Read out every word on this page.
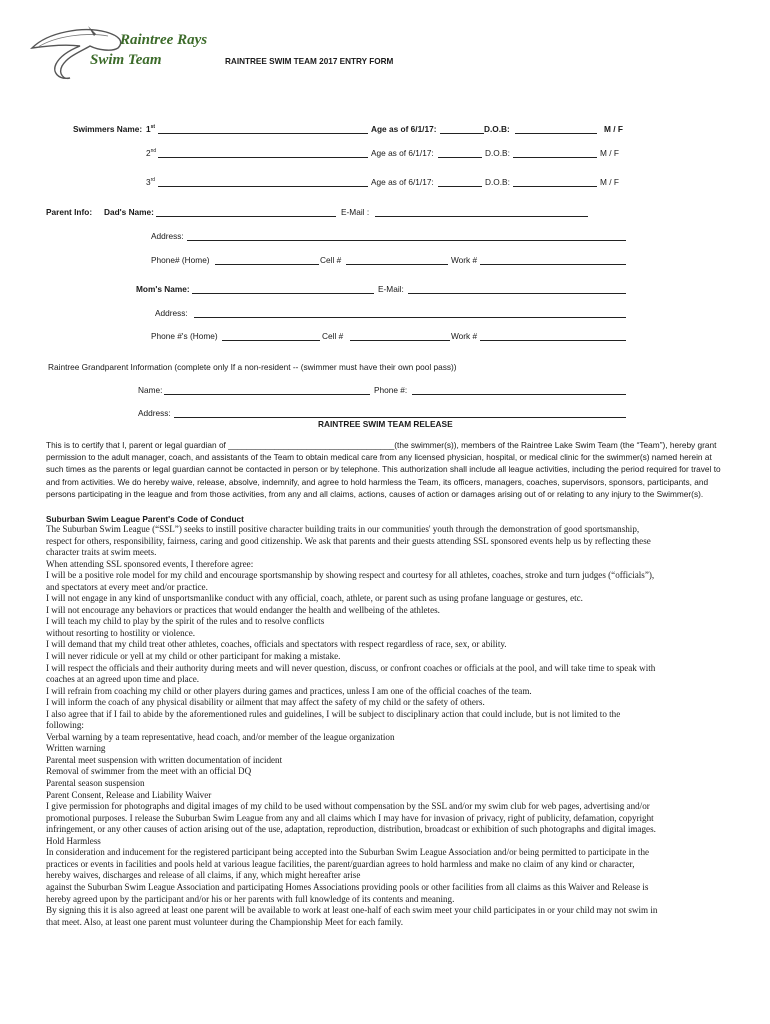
Raintree Rays
Swim Team	RAINTREE SWIM TEAM 2017 ENTRY FORM
Swimmers Name: 1st	Age as of 6/1/17:	D.O.B:	M / F
2nd	Age as of 6/1/17:	D.O.B:	M / F
3rd	Age as of 6/1/17:	D.O.B:	M / F
Parent Info: Dad's Name:	E-Mail :
Address:
Phone# (Home)	Cell #	Work #
Mom's Name:	E-Mail:
Address:
Phone #'s (Home)	Cell #	Work #
Raintree Grandparent Information (complete only If a non-resident -- (swimmer must have their own pool pass))
Name:	Phone #:
Address:
RAINTREE SWIM TEAM RELEASE
This is to certify that I, parent or legal guardian of ____________________________________(the swimmer(s)), members of the Raintree Lake Swim Team (the “Team”), hereby grant
permission to the adult manager, coach, and assistants of the Team to obtain medical care from any licensed physician, hospital, or medical clinic for the swimmer(s) named herein at
such times as the parents or legal guardian cannot be contacted in person or by telephone. This authorization shall include all league activities, including the period required for travel to
and from activities. We do hereby waive, release, absolve, indemnify, and agree to hold harmless the Team, its officers, managers, coaches, supervisors, sponsors, participants, and
persons participating in the league and from those activities, from any and all claims, actions, causes of action or damages arising out of or relating to any injury to the Swimmer(s).
Suburban Swim League Parent's Code of Conduct
The Suburban Swim League (“SSL”) seeks to instill positive character building traits in our communities' youth through the demonstration of good sportsmanship,
respect for others, responsibility, fairness, caring and good citizenship. We ask that parents and their guests attending SSL sponsored events help us by reflecting these
character traits at swim meets.
When attending SSL sponsored events, I therefore agree:
I will be a positive role model for my child and encourage sportsmanship by showing respect and courtesy for all athletes, coaches, stroke and turn judges (“officials”),
and spectators at every meet and/or practice.
I will not engage in any kind of unsportsmanlike conduct with any official, coach, athlete, or parent such as using profane language or gestures, etc.
I will not encourage any behaviors or practices that would endanger the health and wellbeing of the athletes.
I will teach my child to play by the spirit of the rules and to resolve conflicts
without resorting to hostility or violence.
I will demand that my child treat other athletes, coaches, officials and spectators with respect regardless of race, sex, or ability.
I will never ridicule or yell at my child or other participant for making a mistake.
I will respect the officials and their authority during meets and will never question, discuss, or confront coaches or officials at the pool, and will take time to speak with
coaches at an agreed upon time and place.
I will refrain from coaching my child or other players during games and practices, unless I am one of the official coaches of the team.
I will inform the coach of any physical disability or ailment that may affect the safety of my child or the safety of others.
I also agree that if I fail to abide by the aforementioned rules and guidelines, I will be subject to disciplinary action that could include, but is not limited to the
following:
Verbal warning by a team representative, head coach, and/or member of the league organization
Written warning
Parental meet suspension with written documentation of incident
Removal of swimmer from the meet with an official DQ
Parental season suspension
Parent Consent, Release and Liability Waiver
I give permission for photographs and digital images of my child to be used without compensation by the SSL and/or my swim club for web pages, advertising and/or
promotional purposes. I release the Suburban Swim League from any and all claims which I may have for invasion of privacy, right of publicity, defamation, copyright
infringement, or any other causes of action arising out of the use, adaptation, reproduction, distribution, broadcast or exhibition of such photographs and digital images.
Hold Harmless
In consideration and inducement for the registered participant being accepted into the Suburban Swim League Association and/or being permitted to participate in the
practices or events in facilities and pools held at various league facilities, the parent/guardian agrees to hold harmless and make no claim of any kind or character,
hereby waives, discharges and release of all claims, if any, which might hereafter arise
against the Suburban Swim League Association and participating Homes Associations providing pools or other facilities from all claims as this Waiver and Release is
hereby agreed upon by the participant and/or his or her parents with full knowledge of its contents and meaning.
By signing this it is also agreed at least one parent will be available to work at least one-half of each swim meet your child participates in or your child may not swim in
that meet. Also, at least one parent must volunteer during the Championship Meet for each family.
